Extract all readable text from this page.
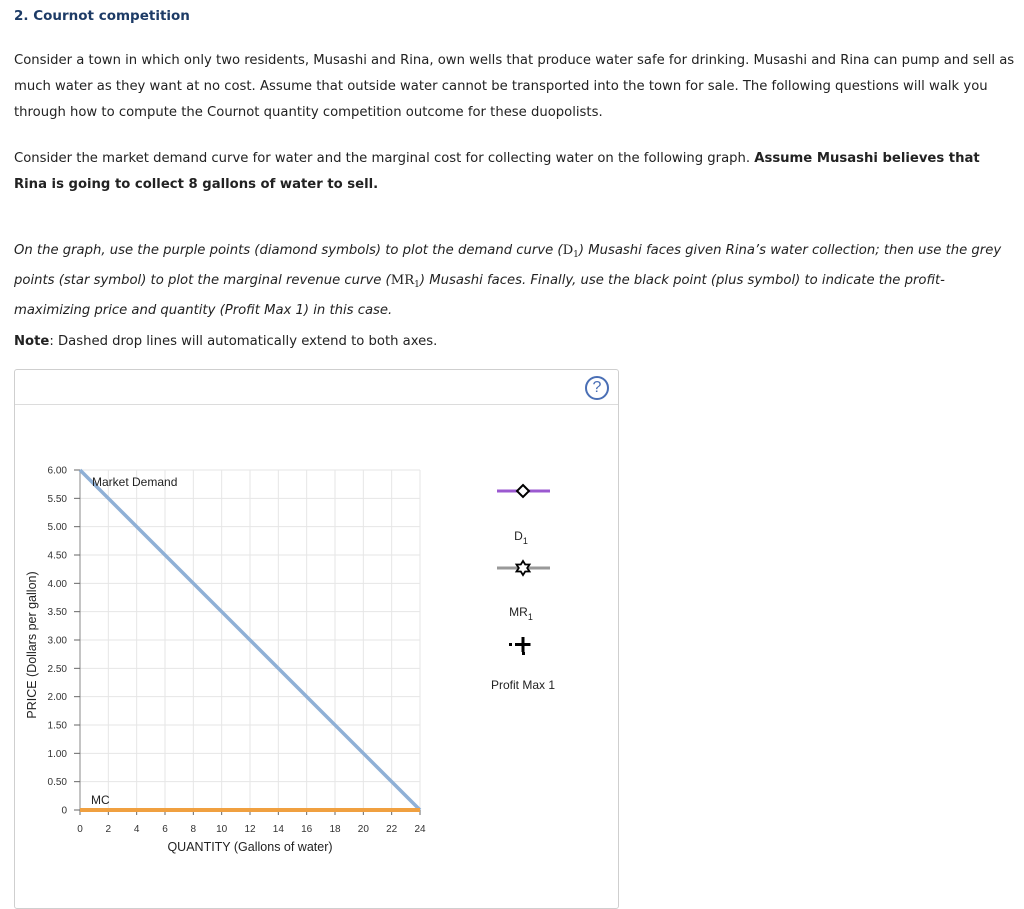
2. Cournot competition
Consider a town in which only two residents, Musashi and Rina, own wells that produce water safe for drinking. Musashi and Rina can pump and sell as much water as they want at no cost. Assume that outside water cannot be transported into the town for sale. The following questions will walk you through how to compute the Cournot quantity competition outcome for these duopolists.
Consider the market demand curve for water and the marginal cost for collecting water on the following graph. Assume Musashi believes that Rina is going to collect 8 gallons of water to sell.
On the graph, use the purple points (diamond symbols) to plot the demand curve $(D_1)$ Musashi faces given Rina’s water collection; then use the grey points (star symbol) to plot the marginal revenue curve $(MR_1)$ Musashi faces. Finally, use the black point (plus symbol) to indicate the profit-maximizing price and quantity (Profit Max 1) in this case.
Note: Dashed drop lines will automatically extend to both axes.
?
0
0.50
1.00
1.50
2.00
2.50
3.00
3.50
4.00
4.50
5.00
5.50
6.00
0 2 4 6 8 10 12 14 16 18 20 22 24
QUANTITY (Gallons of water)
PRICE (Dollars per gallon)
Market Demand
MC
$D_1$
$MR_1$
Profit Max 1
